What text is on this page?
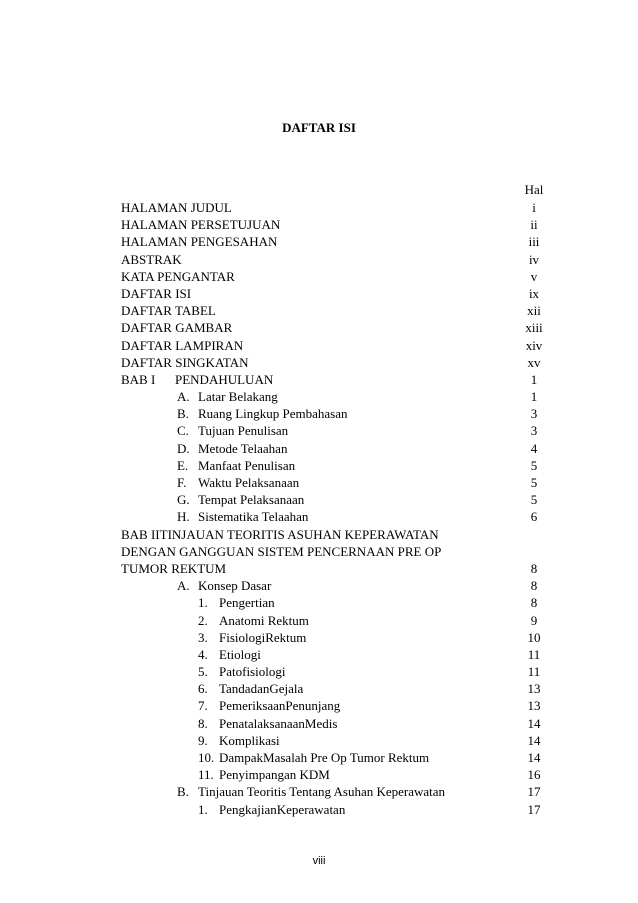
DAFTAR ISI
Hal
HALAMAN JUDUL	i
HALAMAN PERSETUJUAN	ii
HALAMAN PENGESAHAN	iii
ABSTRAK	iv
KATA PENGANTAR	v
DAFTAR ISI	ix
DAFTAR TABEL	xii
DAFTAR GAMBAR	xiii
DAFTAR LAMPIRAN	xiv
DAFTAR SINGKATAN	xv
BAB I PENDAHULUAN	1
A. Latar Belakang	1
B. Ruang Lingkup Pembahasan	3
C. Tujuan Penulisan	3
D. Metode Telaahan	4
E. Manfaat Penulisan	5
F. Waktu Pelaksanaan	5
G. Tempat Pelaksanaan	5
H. Sistematika Telaahan	6
BAB IITINJAUAN TEORITIS ASUHAN KEPERAWATAN
DENGAN GANGGUAN SISTEM PENCERNAAN PRE OP
TUMOR REKTUM	8
A. Konsep Dasar	8
1. Pengertian	8
2. Anatomi Rektum	9
3. FisiologiRektum	10
4. Etiologi	11
5. Patofisiologi	11
6. TandadanGejala	13
7. PemeriksaanPenunjang	13
8. PenatalaksanaanMedis	14
9. Komplikasi	14
10. DampakMasalah Pre Op Tumor Rektum	14
11. Penyimpangan KDM	16
B. Tinjauan Teoritis Tentang Asuhan Keperawatan	17
1. PengkajianKeperawatan	17
viii
